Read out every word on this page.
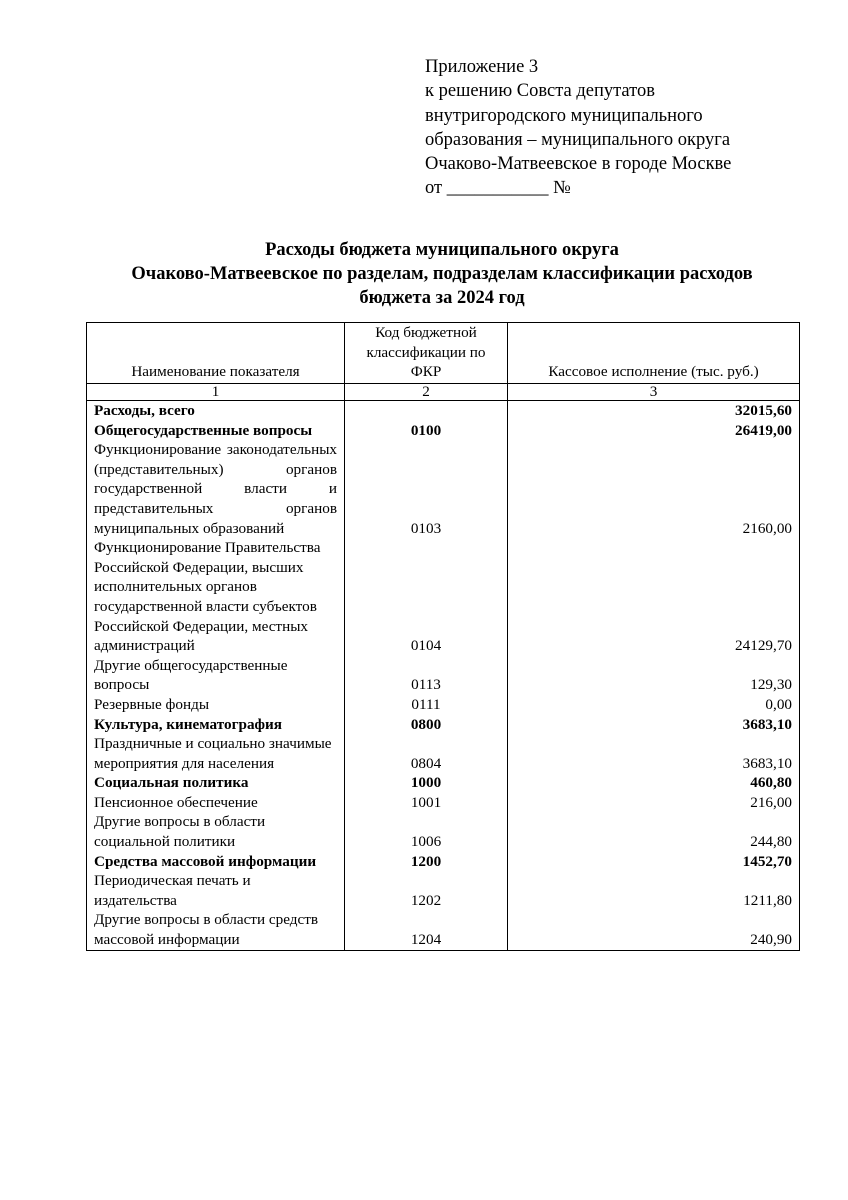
Приложение 3
к решению Совста депутатов
внутригородского муниципального
образования – муниципального округа
Очаково-Матвеевское в городе Москве
от ___________ №
Расходы бюджета муниципального округа
Очаково-Матвеевское по разделам, подразделам классификации расходов
бюджета за 2024 год
Наименование показателя	Код бюджетной классификации по ФКР	Кассовое исполнение (тыс. руб.)
1	2	3
Расходы, всего		32015,60
Общегосударственные вопросы	0100	26419,00
Функционирование законодательных (представительных) органов государственной власти и представительных органов муниципальных образований	0103	2160,00
Функционирование Правительства Российской Федерации, высших исполнительных органов государственной власти субъектов Российской Федерации, местных администраций	0104	24129,70
Другие общегосударственные вопросы	0113	129,30
Резервные фонды	0111	0,00
Культура, кинематография	0800	3683,10
Праздничные и социально значимые мероприятия для населения	0804	3683,10
Социальная политика	1000	460,80
Пенсионное обеспечение	1001	216,00
Другие вопросы в области социальной политики	1006	244,80
Средства массовой информации	1200	1452,70
Периодическая печать и издательства	1202	1211,80
Другие вопросы в области средств массовой информации	1204	240,90
